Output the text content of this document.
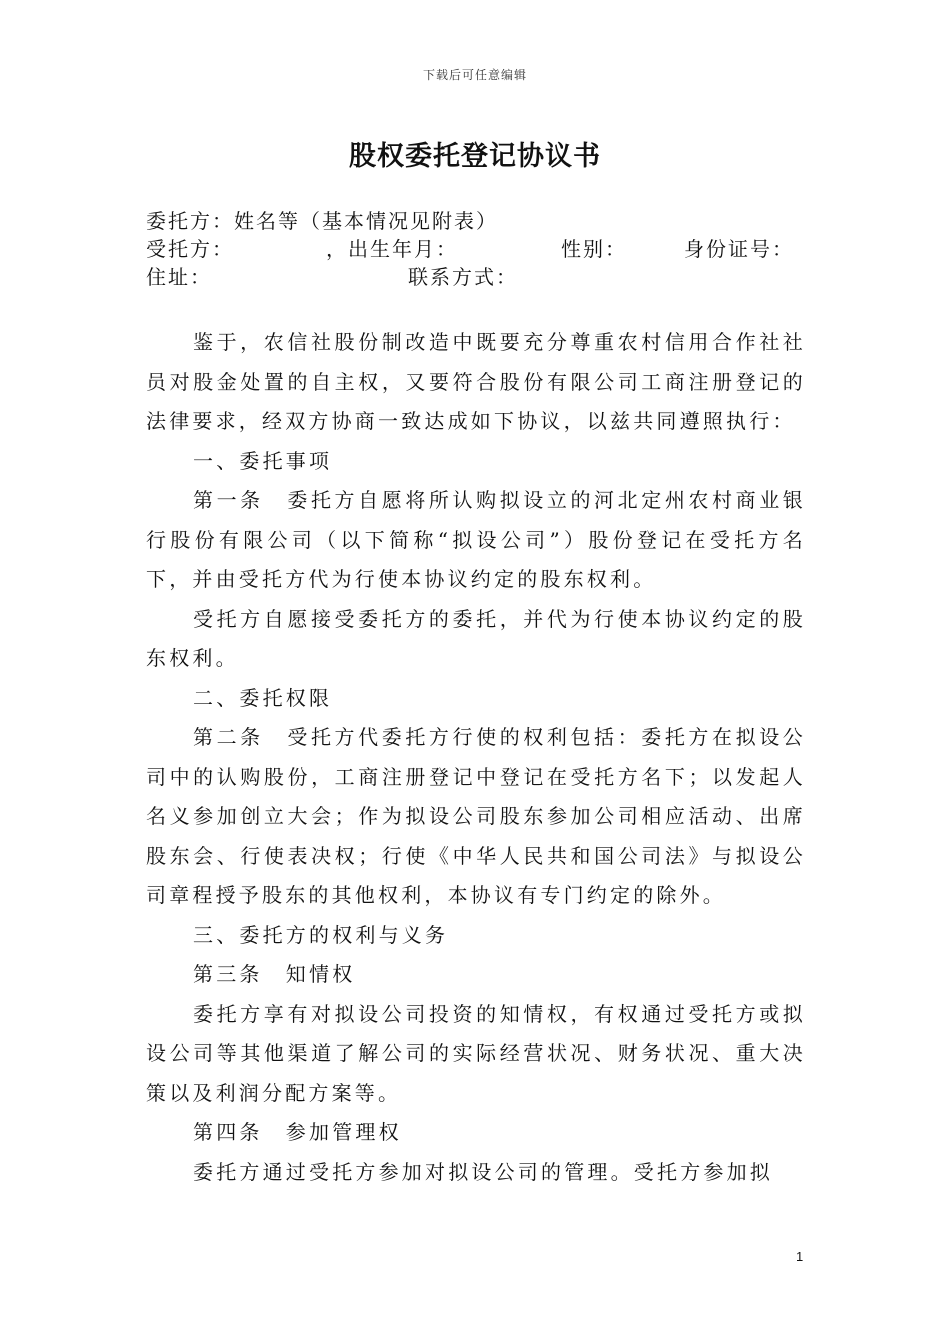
下载后可任意编辑
股权委托登记协议书
委托方：姓名等（基本情况见附表）
受托方：	，出生年月：	性别：	身份证号：
住址：	联系方式：

鉴于，农信社股份制改造中既要充分尊重农村信用合作社社员对股金处置的自主权，又要符合股份有限公司工商注册登记的法律要求，经双方协商一致达成如下协议，以兹共同遵照执行：

一、委托事项

第一条　委托方自愿将所认购拟设立的河北定州农村商业银行股份有限公司（以下简称“拟设公司”）股份登记在受托方名下，并由受托方代为行使本协议约定的股东权利。

受托方自愿接受委托方的委托，并代为行使本协议约定的股东权利。

二、委托权限

第二条　受托方代委托方行使的权利包括：委托方在拟设公司中的认购股份，工商注册登记中登记在受托方名下；以发起人名义参加创立大会；作为拟设公司股东参加公司相应活动、出席股东会、行使表决权；行使《中华人民共和国公司法》与拟设公司章程授予股东的其他权利，本协议有专门约定的除外。

三、委托方的权利与义务

第三条　知情权

委托方享有对拟设公司投资的知情权，有权通过受托方或拟设公司等其他渠道了解公司的实际经营状况、财务状况、重大决策以及利润分配方案等。

第四条　参加管理权

委托方通过受托方参加对拟设公司的管理。受托方参加拟

1
